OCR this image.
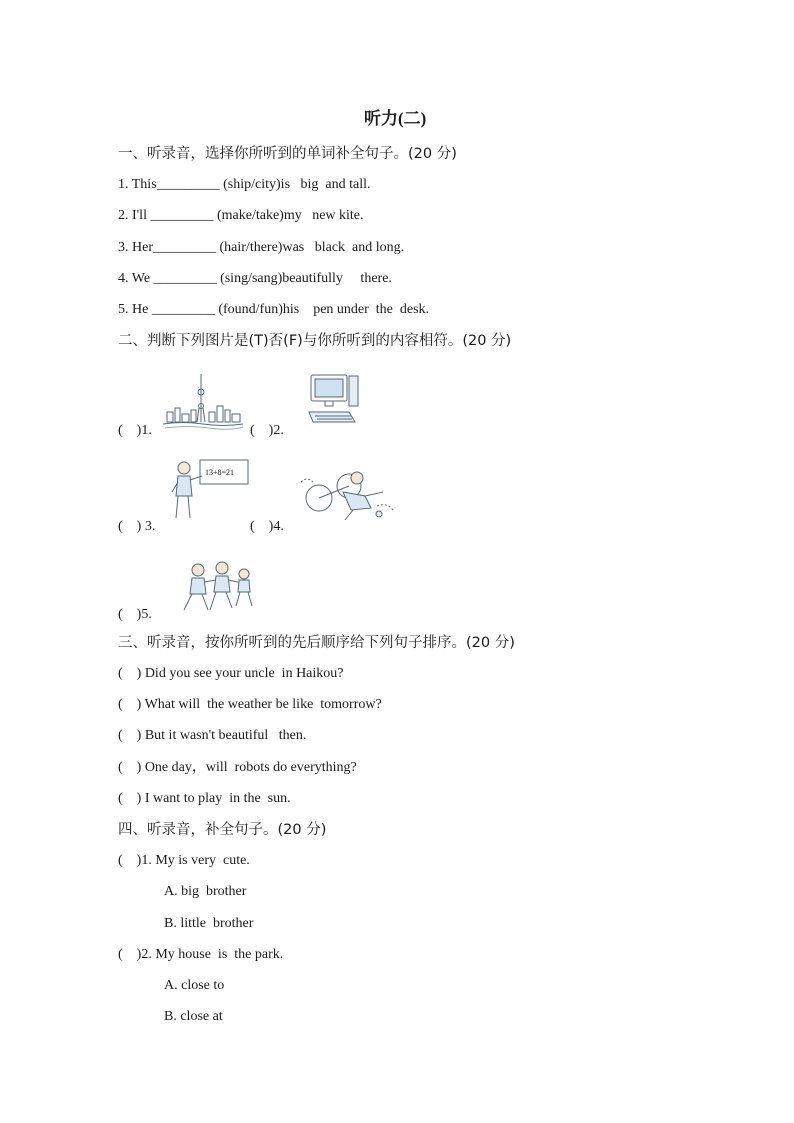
听力(二)
一、听录音，选择你所听到的单词补全句子。(20 分)
1. This_________ (ship/city)is   big  and tall.
2. I'll _________ (make/take)my   new kite.
3. Her_________ (hair/there)was   black  and long.
4. We _________ (sing/sang)beautifully     there.
5. He _________ (found/fun)his    pen under  the  desk.
二、判断下列图片是(T)否(F)与你所听到的内容相符。(20 分)
(    )1.	(    )2.
(    ) 3.
13+8=21
(    )4.
(    )5.
三、听录音，按你所听到的先后顺序给下列句子排序。(20 分)
(    ) Did you see your uncle  in Haikou?
(    ) What will  the weather be like  tomorrow?
(    ) But it wasn't beautiful   then.
(    ) One day，will  robots do everything?
(    ) I want to play  in the  sun.
四、听录音，补全句子。(20 分)
(    )1. My is very  cute.
A. big  brother
B. little  brother
(    )2. My house  is  the park.
A. close to
B. close at
